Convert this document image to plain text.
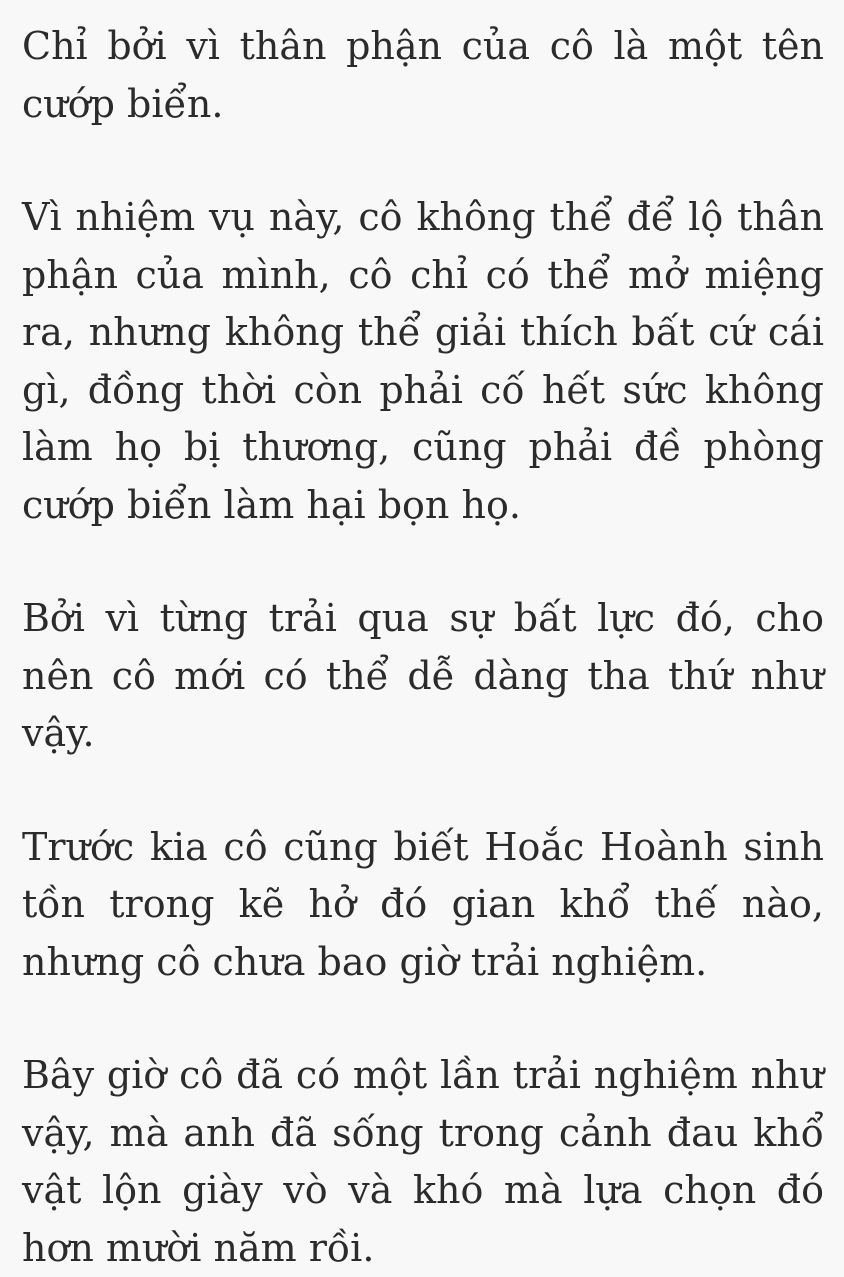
Chỉ bởi vì thân phận của cô là một tên cướp biển.

Vì nhiệm vụ này, cô không thể để lộ thân phận của mình, cô chỉ có thể mở miệng ra, nhưng không thể giải thích bất cứ cái gì, đồng thời còn phải cố hết sức không làm họ bị thương, cũng phải đề phòng cướp biển làm hại bọn họ.

Bởi vì từng trải qua sự bất lực đó, cho nên cô mới có thể dễ dàng tha thứ như vậy.

Trước kia cô cũng biết Hoắc Hoành sinh tồn trong kẽ hở đó gian khổ thế nào, nhưng cô chưa bao giờ trải nghiệm.

Bây giờ cô đã có một lần trải nghiệm như vậy, mà anh đã sống trong cảnh đau khổ vật lộn giày vò và khó mà lựa chọn đó hơn mười năm rồi.
